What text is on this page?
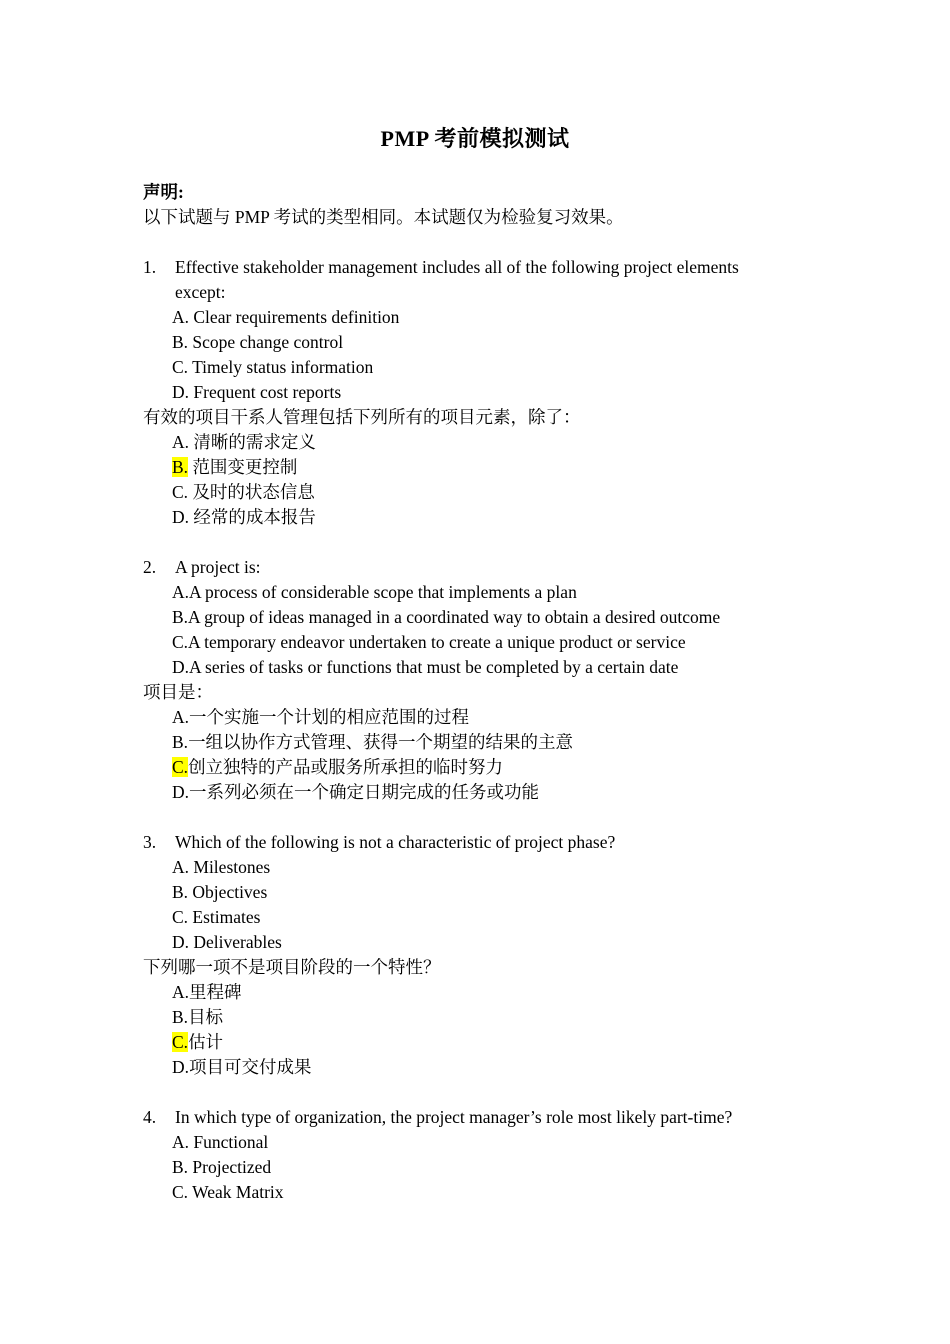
PMP 考前模拟测试

声明:

以下试题与 PMP 考试的类型相同。本试题仅为检验复习效果。

1.	Effective stakeholder management includes all of the following project elements

except:

A. Clear requirements definition

B. Scope change control

C. Timely status information

D. Frequent cost reports

有效的项目干系人管理包括下列所有的项目元素，除了：

A. 清晰的需求定义

B. 范围变更控制

C. 及时的状态信息

D. 经常的成本报告

2.	A project is:

A.A process of considerable scope that implements a plan

B.A group of ideas managed in a coordinated way to obtain a desired outcome

C.A temporary endeavor undertaken to create a unique product or service

D.A series of tasks or functions that must be completed by a certain date

项目是：

A.一个实施一个计划的相应范围的过程

B.一组以协作方式管理、获得一个期望的结果的主意

C.创立独特的产品或服务所承担的临时努力

D.一系列必须在一个确定日期完成的任务或功能

3.	Which of the following is not a characteristic of project phase?

A. Milestones

B. Objectives

C. Estimates

D. Deliverables

下列哪一项不是项目阶段的一个特性？

A.里程碑

B.目标

C.估计

D.项目可交付成果

4.	In which type of organization, the project manager’s role most likely part-time?

A. Functional

B. Projectized

C. Weak Matrix
